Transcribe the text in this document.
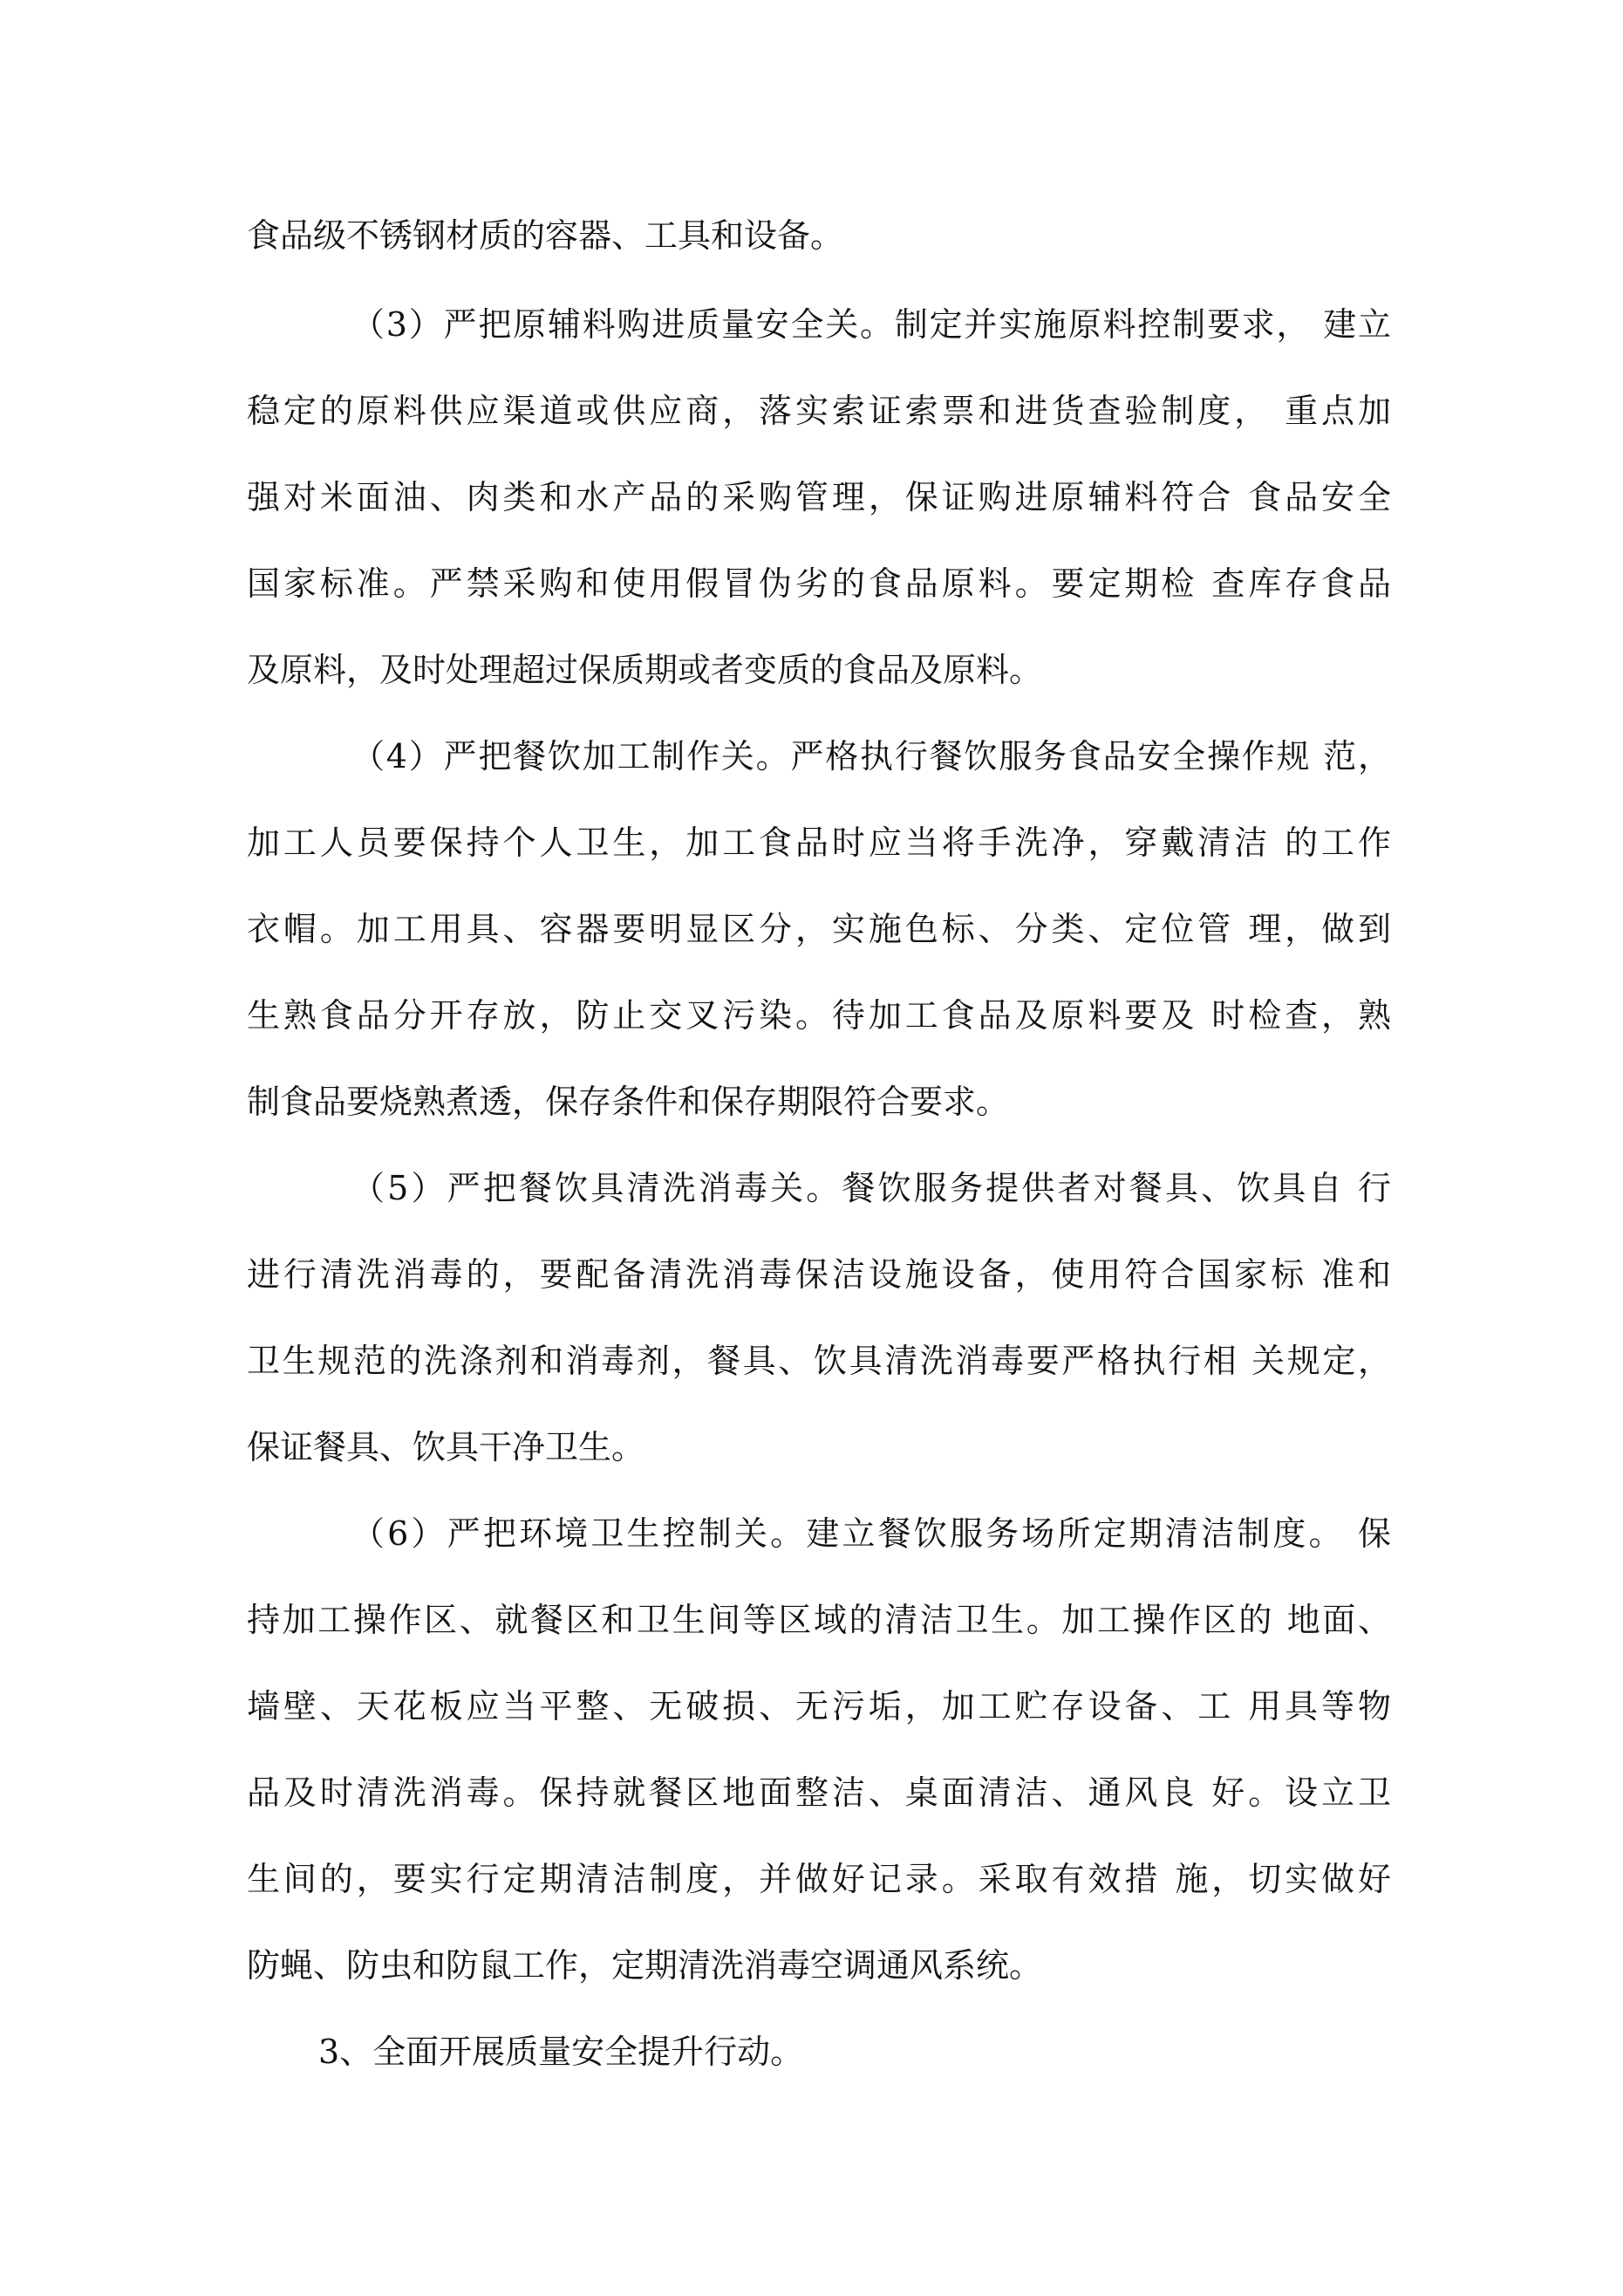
食品级不锈钢材质的容器、工具和设备。
（3）严把原辅料购进质量安全关。制定并实施原料控制要求， 建立
稳定的原料供应渠道或供应商，落实索证索票和进货查验制度， 重点加
强对米面油、肉类和水产品的采购管理，保证购进原辅料符合 食品安全
国家标准。严禁采购和使用假冒伪劣的食品原料。要定期检 查库存食品
及原料，及时处理超过保质期或者变质的食品及原料。
（4）严把餐饮加工制作关。严格执行餐饮服务食品安全操作规 范，
加工人员要保持个人卫生，加工食品时应当将手洗净，穿戴清洁 的工作
衣帽。加工用具、容器要明显区分，实施色标、分类、定位管 理，做到
生熟食品分开存放，防止交叉污染。待加工食品及原料要及 时检查，熟
制食品要烧熟煮透，保存条件和保存期限符合要求。
（5）严把餐饮具清洗消毒关。餐饮服务提供者对餐具、饮具自 行
进行清洗消毒的，要配备清洗消毒保洁设施设备，使用符合国家标 准和
卫生规范的洗涤剂和消毒剂，餐具、饮具清洗消毒要严格执行相 关规定，
保证餐具、饮具干净卫生。
（6）严把环境卫生控制关。建立餐饮服务场所定期清洁制度。 保
持加工操作区、就餐区和卫生间等区域的清洁卫生。加工操作区的 地面、
墙壁、天花板应当平整、无破损、无污垢，加工贮存设备、工 用具等物
品及时清洗消毒。保持就餐区地面整洁、桌面清洁、通风良 好。设立卫
生间的，要实行定期清洁制度，并做好记录。采取有效措 施，切实做好
防蝇、防虫和防鼠工作，定期清洗消毒空调通风系统。
3、全面开展质量安全提升行动。
